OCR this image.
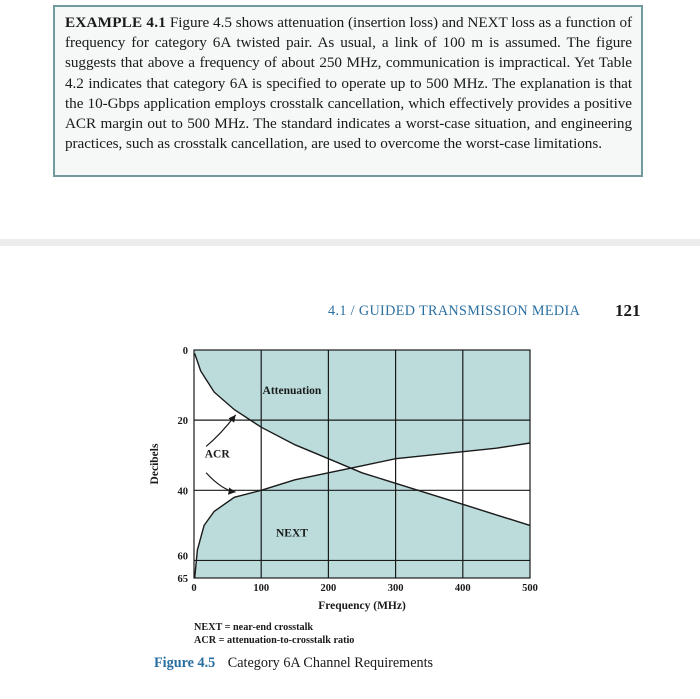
EXAMPLE 4.1 Figure 4.5 shows attenuation (insertion loss) and NEXT loss as a function of frequency for category 6A twisted pair. As usual, a link of 100 m is assumed. The figure suggests that above a frequency of about 250 MHz, communication is impractical. Yet Table 4.2 indicates that category 6A is specified to operate up to 500 MHz. The explanation is that the 10-Gbps application employs crosstalk cancellation, which effectively provides a positive ACR margin out to 500 MHz. The standard indicates a worst-case situation, and engineering practices, such as crosstalk cancellation, are used to overcome the worst-case limitations.
4.1 / GUIDED TRANSMISSION MEDIA 121
0	100	200	300	400	500
0
20
40
60
65
Frequency (MHz)
Decibels
Attenuation
NEXT
ACR
NEXT = near-end crosstalk
ACR = attenuation-to-crosstalk ratio
Figure 4.5 Category 6A Channel Requirements
